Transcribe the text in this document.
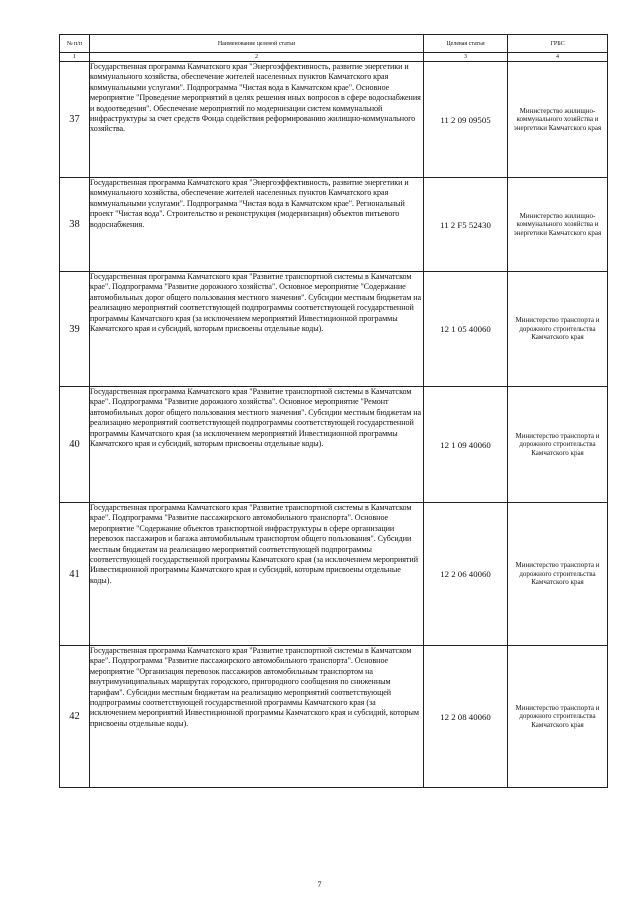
№ п/п	Наименование целевой статьи	Целевая статья	ГРБС
1	2	3	4
37	Государственная программа Камчатского края "Энергоэффективность, развитие энергетики и коммунального хозяйства, обеспечение жителей населенных пунктов Камчатского края коммунальными услугами". Подпрограмма "Чистая вода в Камчатском крае". Основное мероприятие "Проведение мероприятий в целях решения иных вопросов в сфере водоснабжения и водоотведения". Обеспечение мероприятий по модернизации систем коммунальной инфраструктуры за счет средств Фонда содействия реформированию жилищно-коммунального хозяйства.	11 2 09 09505	Министерство жилищно-коммунального хозяйства и энергетики Камчатского края
38	Государственная программа Камчатского края "Энергоэффективность, развитие энергетики и коммунального хозяйства, обеспечение жителей населенных пунктов Камчатского края коммунальными услугами". Подпрограмма "Чистая вода в Камчатском крае". Региональный проект "Чистая вода". Строительство и реконструкция (модернизация) объектов питьевого водоснабжения.	11 2 F5 52430	Министерство жилищно-коммунального хозяйства и энергетики Камчатского края
39	Государственная программа Камчатского края "Развитие транспортной системы в Камчатском крае". Подпрограмма "Развитие дорожного хозяйства". Основное мероприятие "Содержание автомобильных дорог общего пользования местного значения". Субсидии местным бюджетам на реализацию мероприятий соответствующей подпрограммы соответствующей государственной программы Камчатского края (за исключением мероприятий Инвестиционной программы Камчатского края и субсидий, которым присвоены отдельные коды).	12 1 05 40060	Министерство транспорта и дорожного строительства Камчатского края
40	Государственная программа Камчатского края "Развитие транспортной системы в Камчатском крае". Подпрограмма "Развитие дорожного хозяйства". Основное мероприятие "Ремонт автомобильных дорог общего пользования местного значения". Субсидии местным бюджетам на реализацию мероприятий соответствующей подпрограммы соответствующей государственной программы Камчатского края (за исключением мероприятий Инвестиционной программы Камчатского края и субсидий, которым присвоены отдельные коды).	12 1 09 40060	Министерство транспорта и дорожного строительства Камчатского края
41	Государственная программа Камчатского края "Развитие транспортной системы в Камчатском крае". Подпрограмма "Развитие пассажирского автомобильного транспорта". Основное мероприятие "Содержание объектов транспортной инфраструктуры в сфере организации перевозок пассажиров и багажа автомобильным транспортом общего пользования". Субсидии местным бюджетам на реализацию мероприятий соответствующей подпрограммы соответствующей государственной программы Камчатского края (за исключением мероприятий Инвестиционной программы Камчатского края и субсидий, которым присвоены отдельные коды).	12 2 06 40060	Министерство транспорта и дорожного строительства Камчатского края
42	Государственная программа Камчатского края "Развитие транспортной системы в Камчатском крае". Подпрограмма "Развитие пассажирского автомобильного транспорта". Основное мероприятие "Организация перевозок пассажиров автомобильным транспортом на внутримуниципальных маршрутах городского, пригородного сообщения по сниженным тарифам". Субсидии местным бюджетам на реализацию мероприятий соответствующей подпрограммы соответствующей государственной программы Камчатского края (за исключением мероприятий Инвестиционной программы Камчатского края и субсидий, которым присвоены отдельные коды).	12 2 08 40060	Министерство транспорта и дорожного строительства Камчатского края
7
